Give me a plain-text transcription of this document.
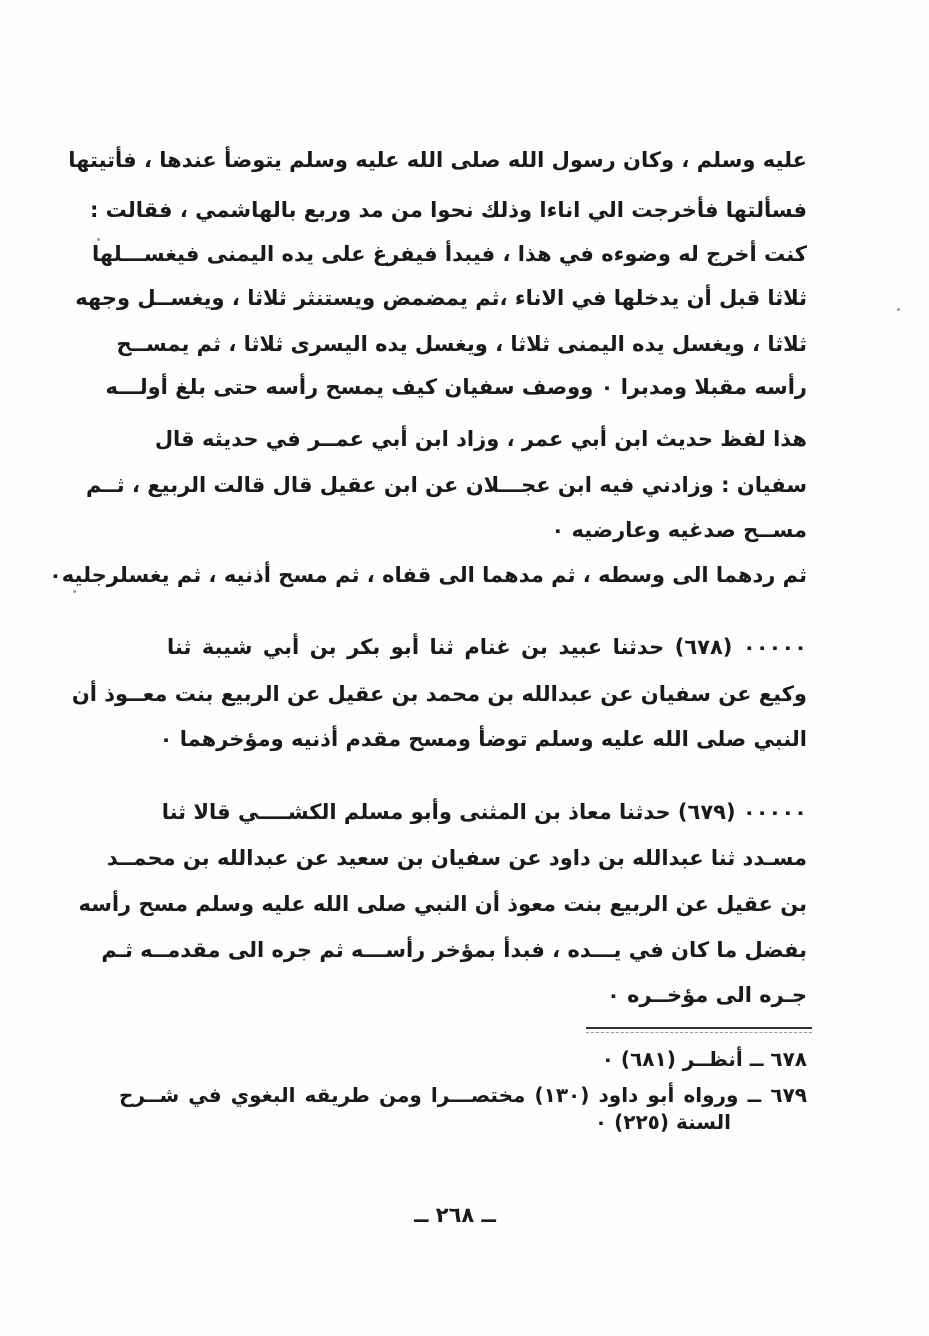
عليه وسلم ، وكان رسول الله صلى الله عليه وسلم يتوضأ عندها ، فأتيتها
فسألتها فأخرجت الي اناءا وذلك نحوا من مد وربع بالهاشمي ، فقالت :
كنت أخرج له وضوءه في هذا ، فيبدأ فيفرغ على يده اليمنى فيغســـلها
ثلاثا قبل أن يدخلها في الاناء ،ثم يمضمض ويستنثر ثلاثا ، ويغســل وجهه
ثلاثا ، ويغسل يده اليمنى ثلاثا ، ويغسل يده اليسرى ثلاثا ، ثم يمســح
رأسه مقبلا ومدبرا ٠ ووصف سفيان كيف يمسح رأسه حتى بلغ أولـــه
هذا لفظ حديث ابن أبي عمر ، وزاد ابن أبي عمــر في حديثه قال
سفيان : وزادني فيه ابن عجـــلان عن ابن عقيل قال قالت الربيع ، ثــم
مســح صدغيه وعارضيه ٠
ثم ردهما الى وسطه ، ثم مدهما الى قفاه ، ثم مسح أذنيه ، ثم يغسلرجليه٠
٠٠٠٠٠ (٦٧٨) حدثنا عبيد بن غنام ثنا أبو بكر بن أبي شيبة ثنا
وكيع عن سفيان عن عبدالله بن محمد بن عقيل عن الربيع بنت معــوذ أن
النبي صلى الله عليه وسلم توضأ ومسح مقدم أذنيه ومؤخرهما ٠
٠٠٠٠٠ (٦٧٩) حدثنا معاذ بن المثنى وأبو مسلم الكشــــي قالا ثنا
مسـدد ثنا عبدالله بن داود عن سفيان بن سعيد عن عبدالله بن محمــد
بن عقيل عن الربيع بنت معوذ أن النبي صلى الله عليه وسلم مسح رأسه
بفضل ما كان في يـــده ، فبدأ بمؤخر رأســـه ثم جره الى مقدمــه ثـم
جـره الى مؤخــره ٠
٦٧٨ ــ أنظــر (٦٨١) ٠
٦٧٩ ــ ورواه أبو داود (١٣٠) مختصـــرا ومن طريقه البغوي في شــرح
السنة (٢٢٥) ٠
ــ ٢٦٨ ــ
